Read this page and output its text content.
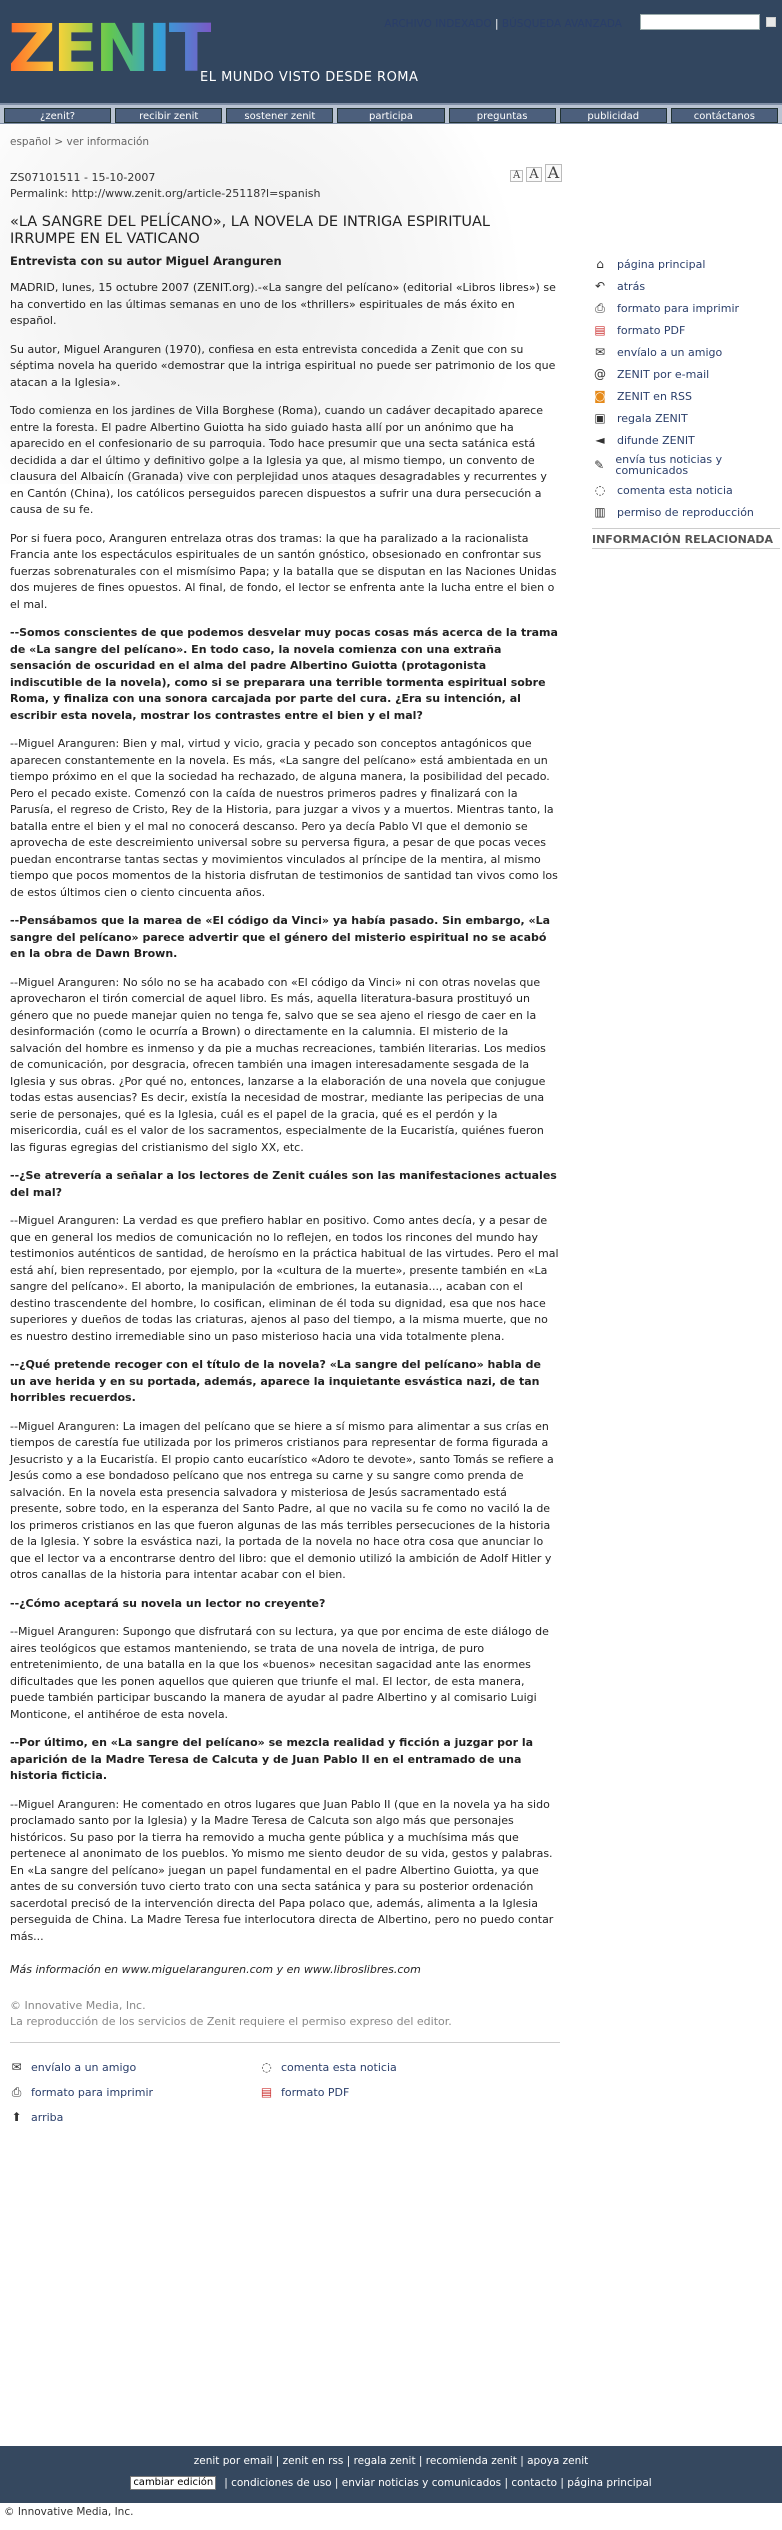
ZENIT
EL MUNDO VISTO DESDE ROMA
ARCHIVO INDEXADO | BÚSQUEDA AVANZADA
¿zenit?	recibir zenit	sostener zenit	participa	preguntas	publicidad	contáctanos
español > ver información
A A A
ZS07101511 - 15-10-2007
Permalink: http://www.zenit.org/article-25118?l=spanish
«LA SANGRE DEL PELÍCANO», LA NOVELA DE INTRIGA ESPIRITUAL IRRUMPE EN EL VATICANO
Entrevista con su autor Miguel Aranguren

MADRID, lunes, 15 octubre 2007 (ZENIT.org).-«La sangre del pelícano» (editorial «Libros libres») se ha convertido en las últimas semanas en uno de los «thrillers» espirituales de más éxito en español.

Su autor, Miguel Aranguren (1970), confiesa en esta entrevista concedida a Zenit que con su séptima novela ha querido «demostrar que la intriga espiritual no puede ser patrimonio de los que atacan a la Iglesia».

Todo comienza en los jardines de Villa Borghese (Roma), cuando un cadáver decapitado aparece entre la foresta. El padre Albertino Guiotta ha sido guiado hasta allí por un anónimo que ha aparecido en el confesionario de su parroquia. Todo hace presumir que una secta satánica está decidida a dar el último y definitivo golpe a la Iglesia ya que, al mismo tiempo, un convento de clausura del Albaicín (Granada) vive con perplejidad unos ataques desagradables y recurrentes y en Cantón (China), los católicos perseguidos parecen dispuestos a sufrir una dura persecución a causa de su fe.

Por si fuera poco, Aranguren entrelaza otras dos tramas: la que ha paralizado a la racionalista Francia ante los espectáculos espirituales de un santón gnóstico, obsesionado en confrontar sus fuerzas sobrenaturales con el mismísimo Papa; y la batalla que se disputan en las Naciones Unidas dos mujeres de fines opuestos. Al final, de fondo, el lector se enfrenta ante la lucha entre el bien o el mal.

--Somos conscientes de que podemos desvelar muy pocas cosas más acerca de la trama de «La sangre del pelícano». En todo caso, la novela comienza con una extraña sensación de oscuridad en el alma del padre Albertino Guiotta (protagonista indiscutible de la novela), como si se preparara una terrible tormenta espiritual sobre Roma, y finaliza con una sonora carcajada por parte del cura. ¿Era su intención, al escribir esta novela, mostrar los contrastes entre el bien y el mal?

--Miguel Aranguren: Bien y mal, virtud y vicio, gracia y pecado son conceptos antagónicos que aparecen constantemente en la novela. Es más, «La sangre del pelícano» está ambientada en un tiempo próximo en el que la sociedad ha rechazado, de alguna manera, la posibilidad del pecado. Pero el pecado existe. Comenzó con la caída de nuestros primeros padres y finalizará con la Parusía, el regreso de Cristo, Rey de la Historia, para juzgar a vivos y a muertos. Mientras tanto, la batalla entre el bien y el mal no conocerá descanso. Pero ya decía Pablo VI que el demonio se aprovecha de este descreimiento universal sobre su perversa figura, a pesar de que pocas veces puedan encontrarse tantas sectas y movimientos vinculados al príncipe de la mentira, al mismo tiempo que pocos momentos de la historia disfrutan de testimonios de santidad tan vivos como los de estos últimos cien o ciento cincuenta años.

--Pensábamos que la marea de «El código da Vinci» ya había pasado. Sin embargo, «La sangre del pelícano» parece advertir que el género del misterio espiritual no se acabó en la obra de Dawn Brown.

--Miguel Aranguren: No sólo no se ha acabado con «El código da Vinci» ni con otras novelas que aprovecharon el tirón comercial de aquel libro. Es más, aquella literatura-basura prostituyó un género que no puede manejar quien no tenga fe, salvo que se sea ajeno el riesgo de caer en la desinformación (como le ocurría a Brown) o directamente en la calumnia. El misterio de la salvación del hombre es inmenso y da pie a muchas recreaciones, también literarias. Los medios de comunicación, por desgracia, ofrecen también una imagen interesadamente sesgada de la Iglesia y sus obras. ¿Por qué no, entonces, lanzarse a la elaboración de una novela que conjugue todas estas ausencias? Es decir, existía la necesidad de mostrar, mediante las peripecias de una serie de personajes, qué es la Iglesia, cuál es el papel de la gracia, qué es el perdón y la misericordia, cuál es el valor de los sacramentos, especialmente de la Eucaristía, quiénes fueron las figuras egregias del cristianismo del siglo XX, etc.

--¿Se atrevería a señalar a los lectores de Zenit cuáles son las manifestaciones actuales del mal?

--Miguel Aranguren: La verdad es que prefiero hablar en positivo. Como antes decía, y a pesar de que en general los medios de comunicación no lo reflejen, en todos los rincones del mundo hay testimonios auténticos de santidad, de heroísmo en la práctica habitual de las virtudes. Pero el mal está ahí, bien representado, por ejemplo, por la «cultura de la muerte», presente también en «La sangre del pelícano». El aborto, la manipulación de embriones, la eutanasia..., acaban con el destino trascendente del hombre, lo cosifican, eliminan de él toda su dignidad, esa que nos hace superiores y dueños de todas las criaturas, ajenos al paso del tiempo, a la misma muerte, que no es nuestro destino irremediable sino un paso misterioso hacia una vida totalmente plena.

--¿Qué pretende recoger con el título de la novela? «La sangre del pelícano» habla de un ave herida y en su portada, además, aparece la inquietante esvástica nazi, de tan horribles recuerdos.

--Miguel Aranguren: La imagen del pelícano que se hiere a sí mismo para alimentar a sus crías en tiempos de carestía fue utilizada por los primeros cristianos para representar de forma figurada a Jesucristo y a la Eucaristía. El propio canto eucarístico «Adoro te devote», santo Tomás se refiere a Jesús como a ese bondadoso pelícano que nos entrega su carne y su sangre como prenda de salvación. En la novela esta presencia salvadora y misteriosa de Jesús sacramentado está presente, sobre todo, en la esperanza del Santo Padre, al que no vacila su fe como no vaciló la de los primeros cristianos en las que fueron algunas de las más terribles persecuciones de la historia de la Iglesia. Y sobre la esvástica nazi, la portada de la novela no hace otra cosa que anunciar lo que el lector va a encontrarse dentro del libro: que el demonio utilizó la ambición de Adolf Hitler y otros canallas de la historia para intentar acabar con el bien.

--¿Cómo aceptará su novela un lector no creyente?

--Miguel Aranguren: Supongo que disfrutará con su lectura, ya que por encima de este diálogo de aires teológicos que estamos manteniendo, se trata de una novela de intriga, de puro entretenimiento, de una batalla en la que los «buenos» necesitan sagacidad ante las enormes dificultades que les ponen aquellos que quieren que triunfe el mal. El lector, de esta manera, puede también participar buscando la manera de ayudar al padre Albertino y al comisario Luigi Monticone, el antihéroe de esta novela.

--Por último, en «La sangre del pelícano» se mezcla realidad y ficción a juzgar por la aparición de la Madre Teresa de Calcuta y de Juan Pablo II en el entramado de una historia ficticia.

--Miguel Aranguren: He comentado en otros lugares que Juan Pablo II (que en la novela ya ha sido proclamado santo por la Iglesia) y la Madre Teresa de Calcuta son algo más que personajes históricos. Su paso por la tierra ha removido a mucha gente pública y a muchísima más que pertenece al anonimato de los pueblos. Yo mismo me siento deudor de su vida, gestos y palabras. En «La sangre del pelícano» juegan un papel fundamental en el padre Albertino Guiotta, ya que antes de su conversión tuvo cierto trato con una secta satánica y para su posterior ordenación sacerdotal precisó de la intervención directa del Papa polaco que, además, alimenta a la Iglesia perseguida de China. La Madre Teresa fue interlocutora directa de Albertino, pero no puedo contar más...

Más información en www.miguelaranguren.com y en www.libroslibres.com
© Innovative Media, Inc.
La reproducción de los servicios de Zenit requiere el permiso expreso del editor.
✉ envíalo a un amigo	◌ comenta esta noticia
⎙ formato para imprimir	▤ formato PDF
⬆ arriba
⌂	página principal
↶ atrás
⎙ formato para imprimir
▤ formato PDF
✉ envíalo a un amigo
@ ZENIT por e-mail
◙ ZENIT en RSS
▣ regala ZENIT
◄	difunde ZENIT
✎ envía tus noticias y comunicados
◌ comenta esta noticia
▥ permiso de reproducción
INFORMACIÓN RELACIONADA
zenit por email | zenit en rss | regala zenit | recomienda zenit | apoya zenit
cambiar edición | condiciones de uso | enviar noticias y comunicados | contacto | página principal
© Innovative Media, Inc.
